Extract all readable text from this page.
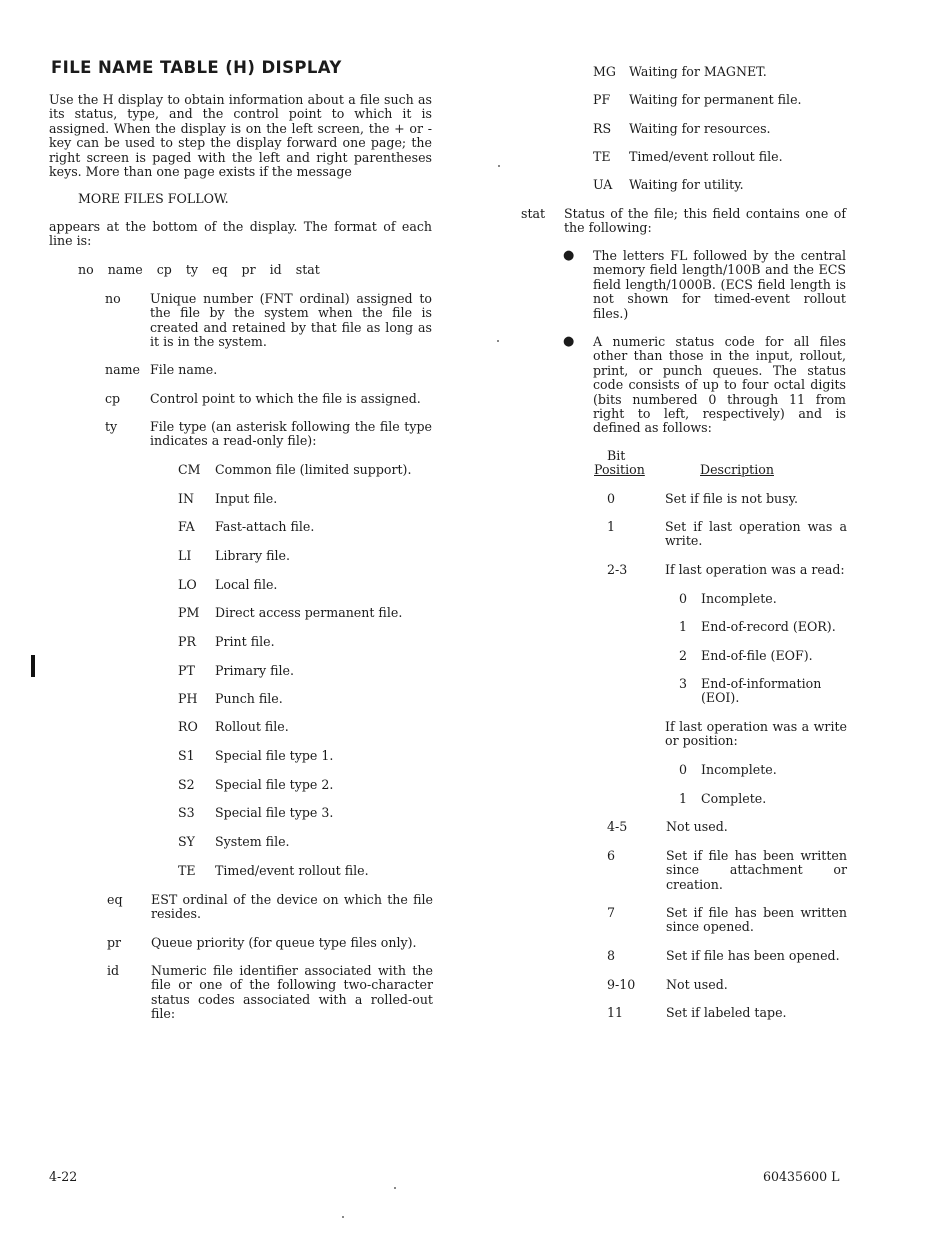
FILE NAME TABLE (H) DISPLAY
Use the H display to obtain information about a file such as its status, type, and the control point to which it is assigned. When the display is on the left screen, the + or - key can be used to step the display forward one page; the right screen is paged with the left and right parentheses keys. More than one page exists if the message
MORE FILES FOLLOW.
appears at the bottom of the display. The format of each line is:
no  name  cp  ty  eq  pr  id  stat
no Unique number (FNT ordinal) assigned to the file by the system when the file is created and retained by that file as long as it is in the system.
name File name.
cp Control point to which the file is assigned.
ty	File type (an asterisk following the file type indicates a read-only file):
CM Common file (limited support).
IN Input file.
FA Fast-attach file.
LI Library file.
LO Local file.
PM Direct access permanent file.
PR Print file.
PT Primary file.
PH Punch file.
RO Rollout file.
S1 Special file type 1.
S2 Special file type 2.
S3 Special file type 3.
SY System file.
TE Timed/event rollout file.
eq EST ordinal of the device on which the file resides.
pr Queue priority (for queue type files only).
id	Numeric file identifier associated with the file or one of the following two-character status codes associated with a rolled-out file:
MG Waiting for MAGNET.
PF Waiting for permanent file.
RS Waiting for resources.
TE Timed/event rollout file.
UA Waiting for utility.
stat Status of the file; this field contains one of the following:
● The letters FL followed by the central memory field length/100B and the ECS field length/1000B. (ECS field length is not shown for timed-event rollout files.)
● A numeric status code for all files other than those in the input, rollout, print, or punch queues. The status code consists of up to four octal digits (bits numbered 0 through 11 from right to left, respectively) and is defined as follows:
Bit
Position	Description
0	Set if file is not busy.
1	Set if last operation was a write.
2-3	If last operation was a read:
0 Incomplete.
1 End-of-record (EOR).
2 End-of-file (EOF).
3 End-of-information (EOI).
If last operation was a write or position:
0 Incomplete.
1 Complete.
4-5	Not used.
6	Set if file has been written since attachment or creation.
7	Set if file has been written since opened.
8	Set if file has been opened.
9-10 Not used.
11	Set if labeled tape.
4-22	60435600 L
